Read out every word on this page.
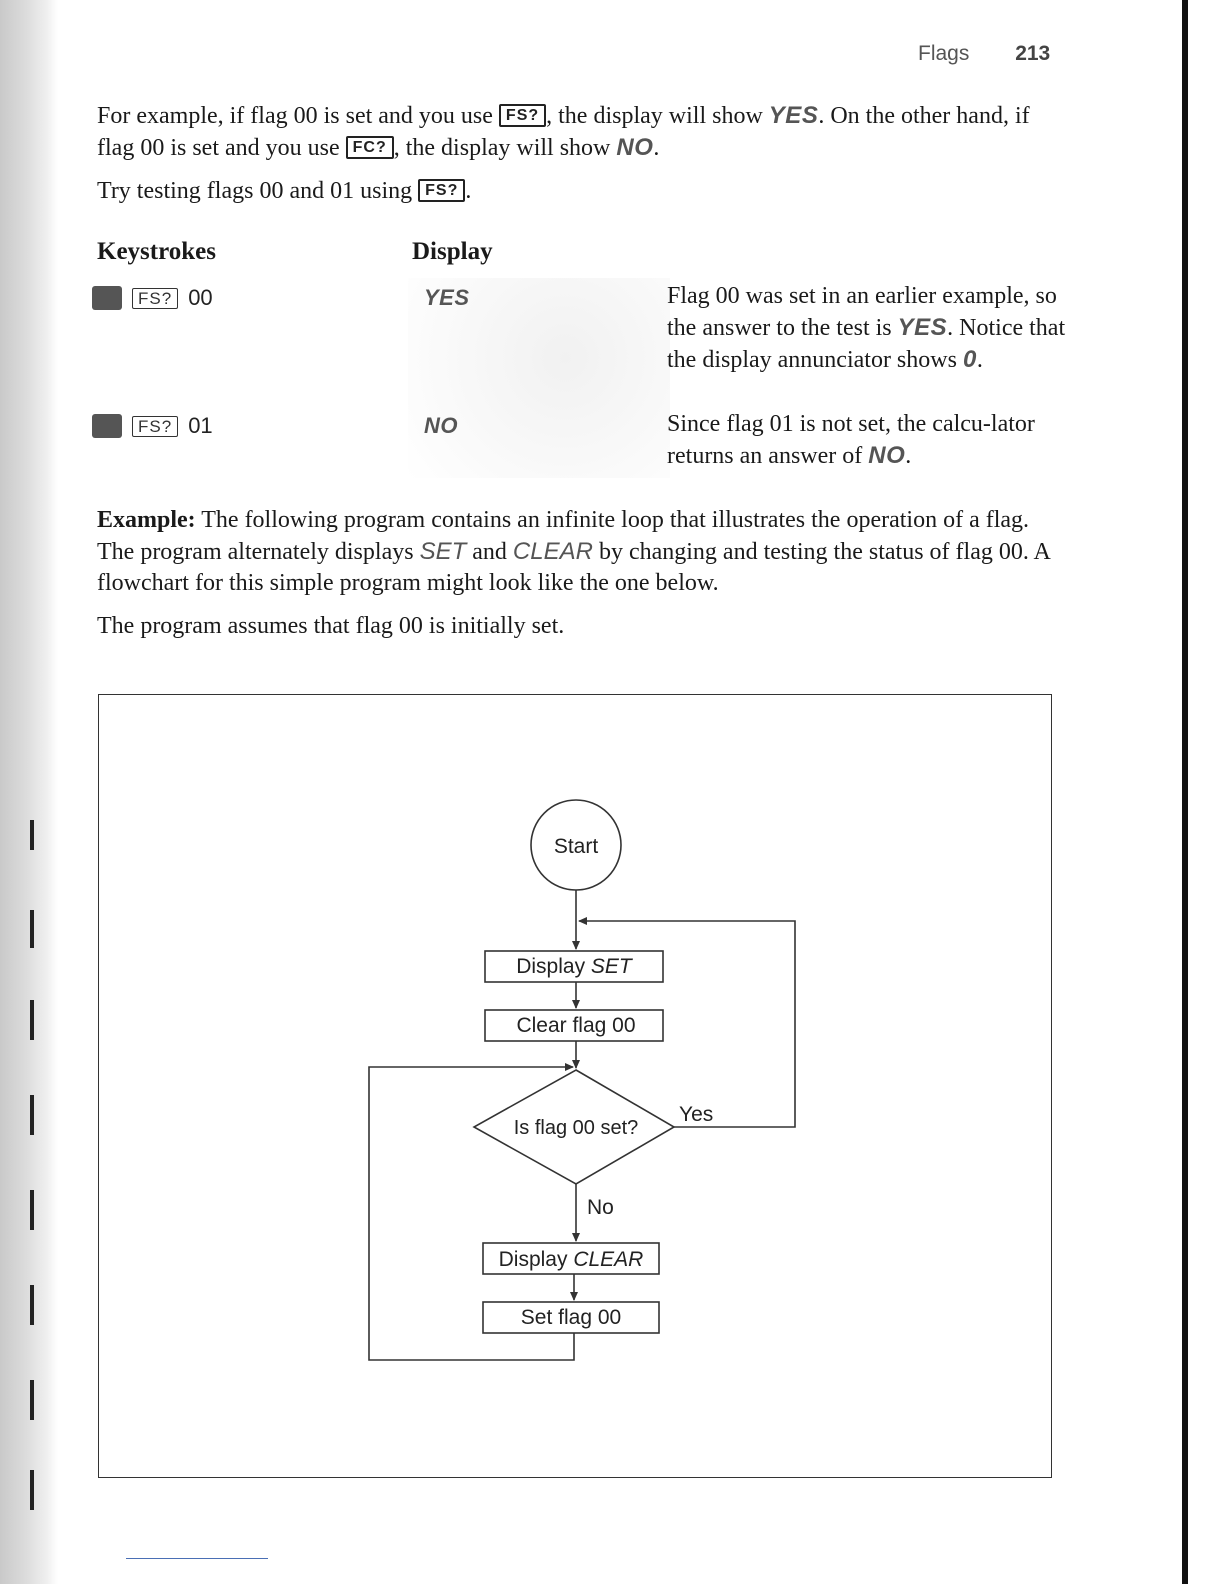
Flags 213
For example, if flag 00 is set and you use FS? , the display will show YES. On the other hand, if flag 00 is set and you use FC? , the display will show NO.
Try testing flags 00 and 01 using FS? .
Keystrokes	Display
FS? 00	YES	Flag 00 was set in an earlier example, so the answer to the test is YES. Notice that the display annunciator shows 0.
FS? 01	NO	Since flag 01 is not set, the calcu-lator returns an answer of NO.
Example: The following program contains an infinite loop that illustrates the operation of a flag. The program alternately displays SET and CLEAR by changing and testing the status of flag 00. A flowchart for this simple program might look like the one below.
The program assumes that flag 00 is initially set.
Start
Display SET
Clear flag 00
Is flag 00 set?
Yes
No
Display CLEAR
Set flag 00
